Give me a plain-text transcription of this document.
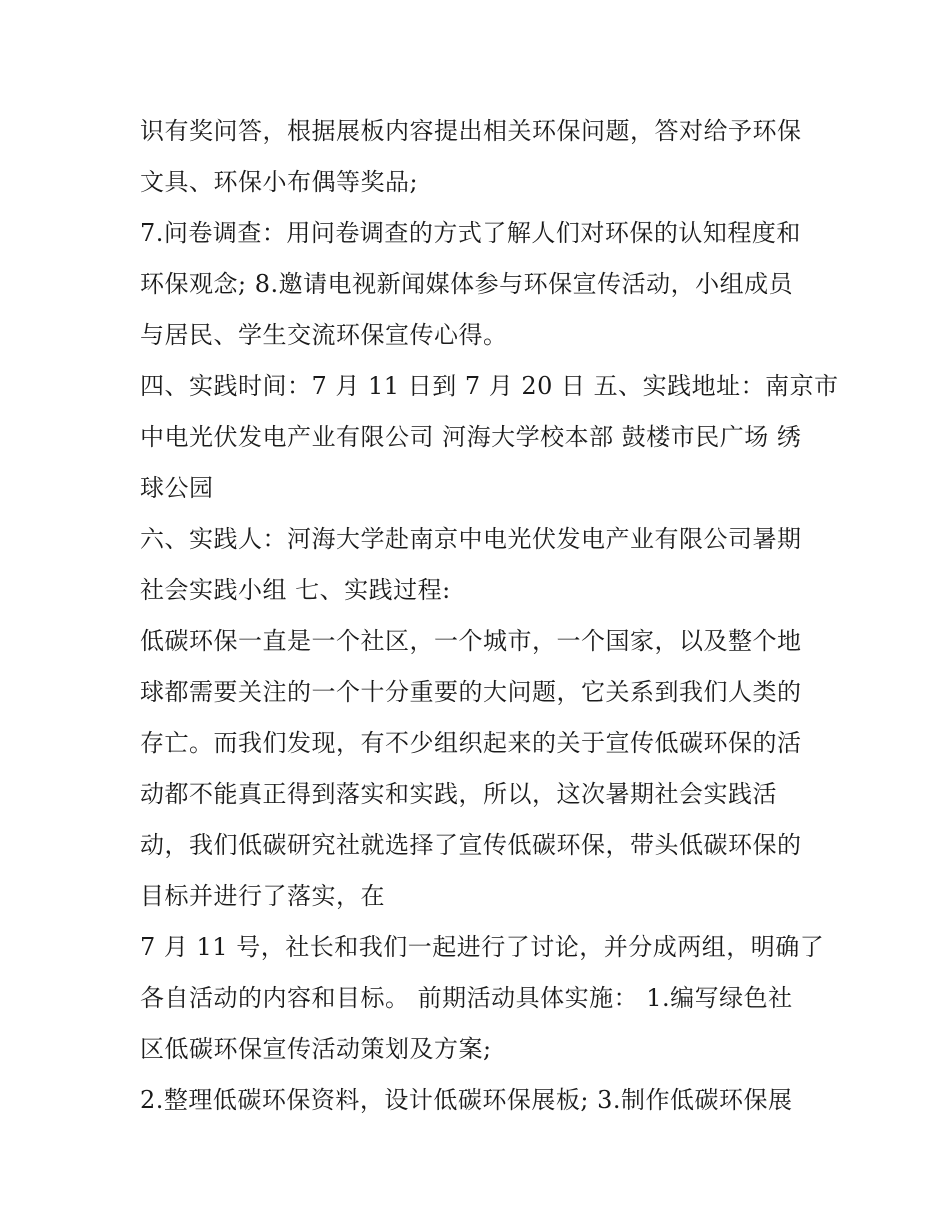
识有奖问答，根据展板内容提出相关环保问题，答对给予环保
文具、环保小布偶等奖品;
7.问卷调查：用问卷调查的方式了解人们对环保的认知程度和
环保观念; 8.邀请电视新闻媒体参与环保宣传活动，小组成员
与居民、学生交流环保宣传心得。
四、实践时间：7 月 11 日到 7 月 20 日 五、实践地址：南京市
中电光伏发电产业有限公司 河海大学校本部 鼓楼市民广场 绣
球公园
六、实践人：河海大学赴南京中电光伏发电产业有限公司暑期
社会实践小组 七、实践过程:
低碳环保一直是一个社区，一个城市，一个国家，以及整个地
球都需要关注的一个十分重要的大问题，它关系到我们人类的
存亡。而我们发现，有不少组织起来的关于宣传低碳环保的活
动都不能真正得到落实和实践，所以，这次暑期社会实践活
动，我们低碳研究社就选择了宣传低碳环保，带头低碳环保的
目标并进行了落实，在
7 月 11 号，社长和我们一起进行了讨论，并分成两组，明确了
各自活动的内容和目标。 前期活动具体实施： 1.编写绿色社
区低碳环保宣传活动策划及方案;
2.整理低碳环保资料，设计低碳环保展板; 3.制作低碳环保展
